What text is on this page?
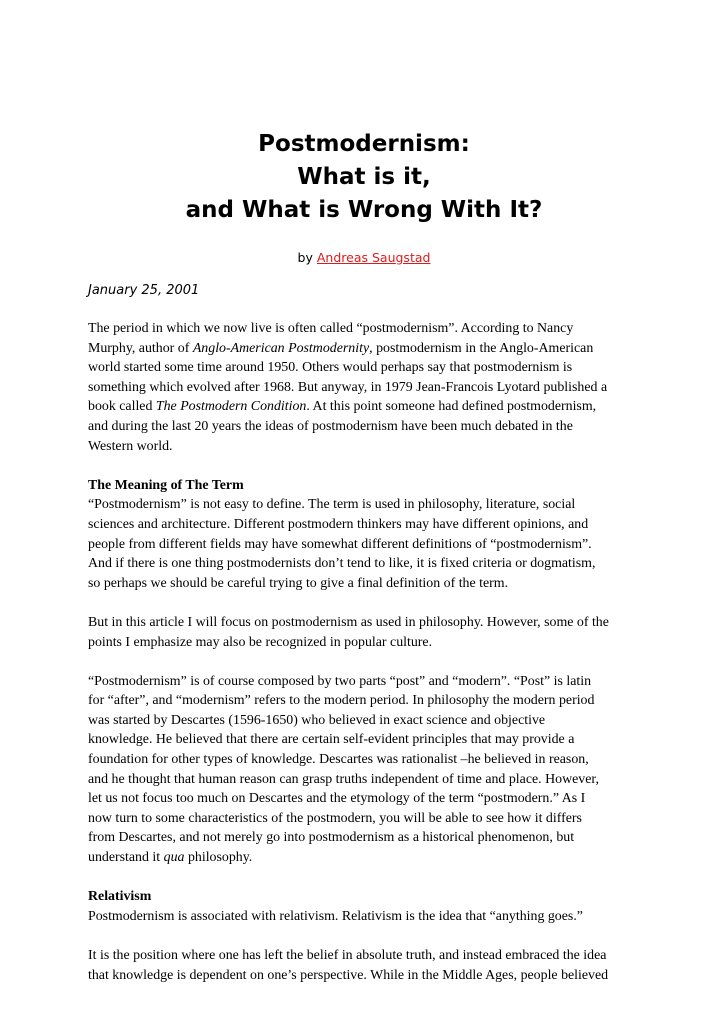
Postmodernism:
What is it,
and What is Wrong With It?
by Andreas Saugstad
January 25, 2001
The period in which we now live is often called “postmodernism”. According to Nancy
Murphy, author of Anglo-American Postmodernity, postmodernism in the Anglo-American
world started some time around 1950. Others would perhaps say that postmodernism is
something which evolved after 1968. But anyway, in 1979 Jean-Francois Lyotard published a
book called The Postmodern Condition. At this point someone had defined postmodernism,
and during the last 20 years the ideas of postmodernism have been much debated in the
Western world.
The Meaning of The Term
“Postmodernism” is not easy to define. The term is used in philosophy, literature, social
sciences and architecture. Different postmodern thinkers may have different opinions, and
people from different fields may have somewhat different definitions of “postmodernism”.
And if there is one thing postmodernists don’t tend to like, it is fixed criteria or dogmatism,
so perhaps we should be careful trying to give a final definition of the term.
But in this article I will focus on postmodernism as used in philosophy. However, some of the
points I emphasize may also be recognized in popular culture.
“Postmodernism” is of course composed by two parts “post” and “modern”. “Post” is latin
for “after”, and “modernism” refers to the modern period. In philosophy the modern period
was started by Descartes (1596-1650) who believed in exact science and objective
knowledge. He believed that there are certain self-evident principles that may provide a
foundation for other types of knowledge. Descartes was rationalist –he believed in reason,
and he thought that human reason can grasp truths independent of time and place. However,
let us not focus too much on Descartes and the etymology of the term “postmodern.” As I
now turn to some characteristics of the postmodern, you will be able to see how it differs
from Descartes, and not merely go into postmodernism as a historical phenomenon, but
understand it qua philosophy.
Relativism
Postmodernism is associated with relativism. Relativism is the idea that “anything goes.”
It is the position where one has left the belief in absolute truth, and instead embraced the idea
that knowledge is dependent on one’s perspective. While in the Middle Ages, people believed
